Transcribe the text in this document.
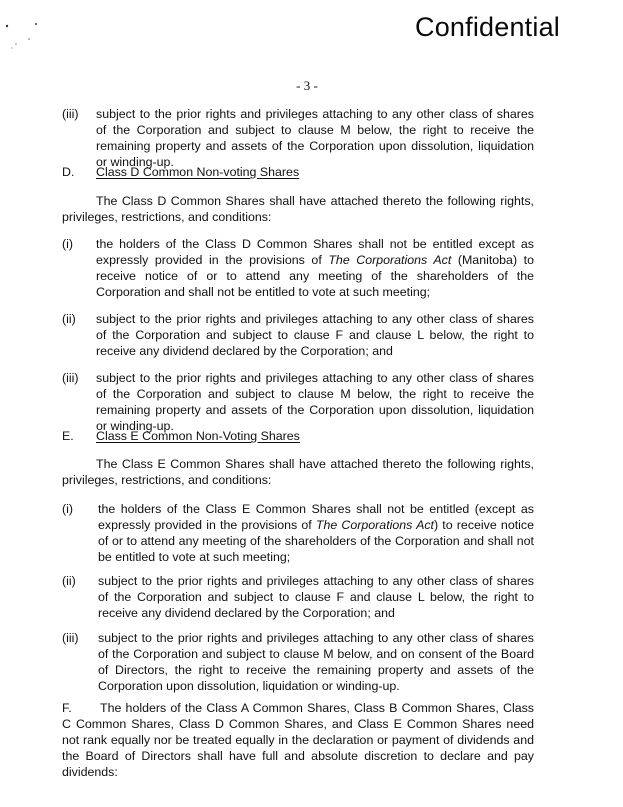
Confidential
- 3 -
(iii) subject to the prior rights and privileges attaching to any other class of shares of the Corporation and subject to clause M below, the right to receive the remaining property and assets of the Corporation upon dissolution, liquidation or winding-up.
D. Class D Common Non-voting Shares
The Class D Common Shares shall have attached thereto the following rights, privileges, restrictions, and conditions:
(i) the holders of the Class D Common Shares shall not be entitled except as expressly provided in the provisions of The Corporations Act (Manitoba) to receive notice of or to attend any meeting of the shareholders of the Corporation and shall not be entitled to vote at such meeting;
(ii) subject to the prior rights and privileges attaching to any other class of shares of the Corporation and subject to clause F and clause L below, the right to receive any dividend declared by the Corporation; and
(iii) subject to the prior rights and privileges attaching to any other class of shares of the Corporation and subject to clause M below, the right to receive the remaining property and assets of the Corporation upon dissolution, liquidation or winding-up.
E. Class E Common Non-Voting Shares
The Class E Common Shares shall have attached thereto the following rights, privileges, restrictions, and conditions:
(i) the holders of the Class E Common Shares shall not be entitled (except as expressly provided in the provisions of The Corporations Act) to receive notice of or to attend any meeting of the shareholders of the Corporation and shall not be entitled to vote at such meeting;
(ii) subject to the prior rights and privileges attaching to any other class of shares of the Corporation and subject to clause F and clause L below, the right to receive any dividend declared by the Corporation; and
(iii) subject to the prior rights and privileges attaching to any other class of shares of the Corporation and subject to clause M below, and on consent of the Board of Directors, the right to receive the remaining property and assets of the Corporation upon dissolution, liquidation or winding-up.
F. The holders of the Class A Common Shares, Class B Common Shares, Class C Common Shares, Class D Common Shares, and Class E Common Shares need not rank equally nor be treated equally in the declaration or payment of dividends and the Board of Directors shall have full and absolute discretion to declare and pay dividends:
